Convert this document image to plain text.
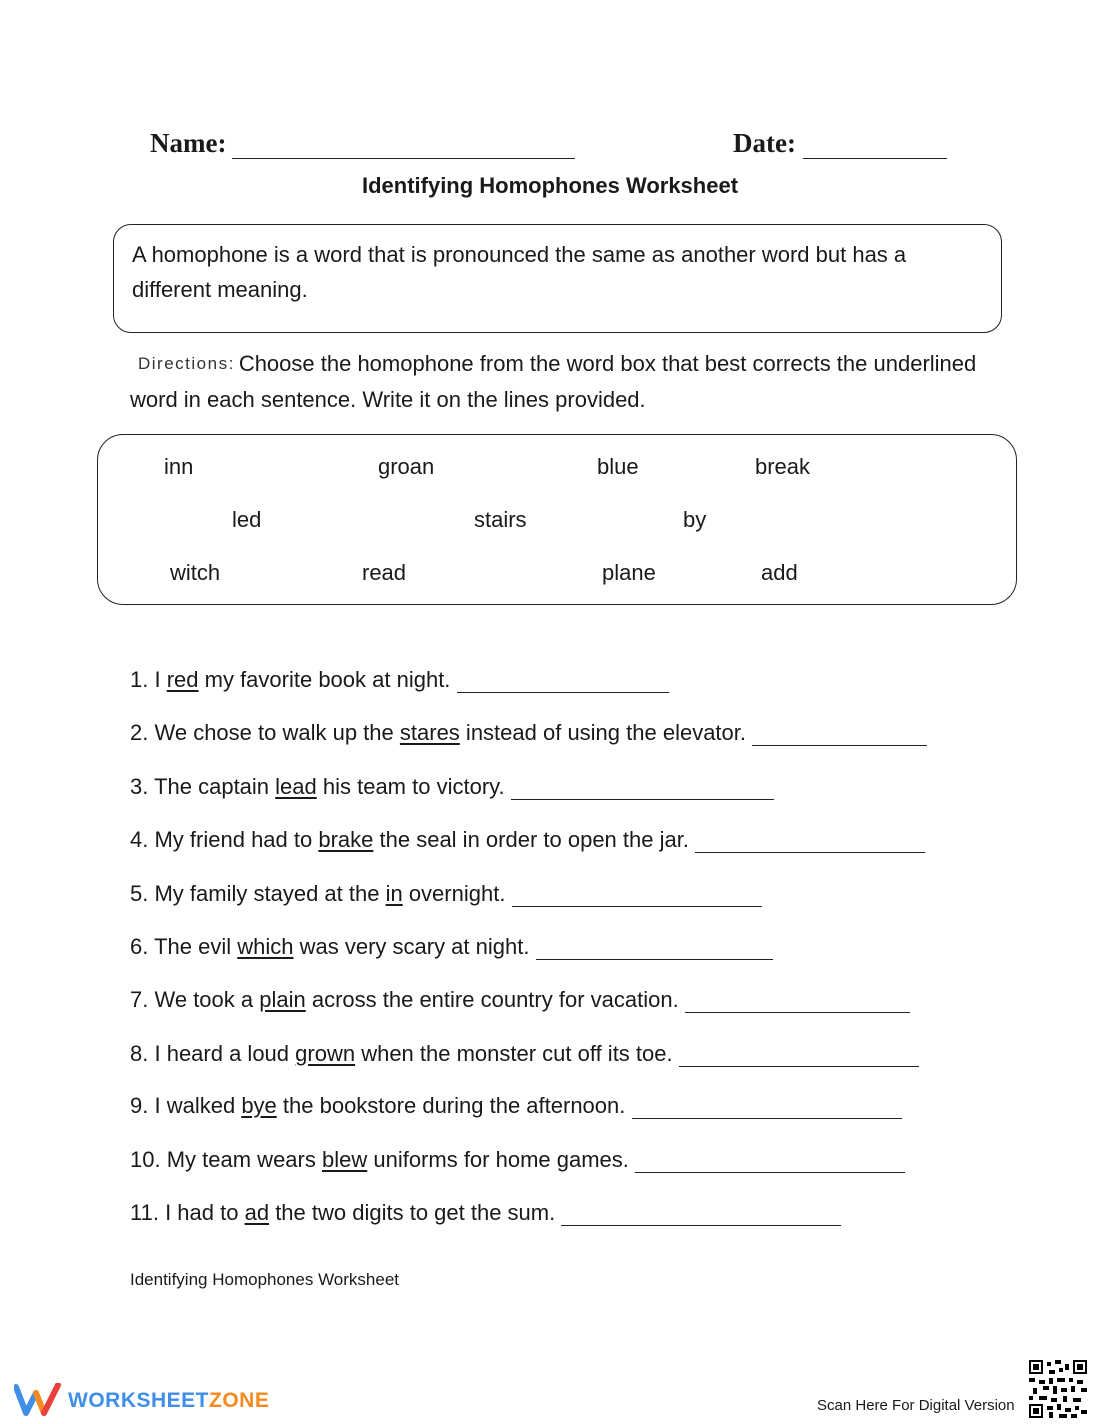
Name:	Date:
Identifying Homophones Worksheet
A homophone is a word that is pronounced the same as another word but has a different meaning.
Directions: Choose the homophone from the word box that best corrects the underlined word in each sentence. Write it on the lines provided.
inn	groan	blue	break
led	stairs	by
witch	read	plane	add
1. I red my favorite book at night.
2. We chose to walk up the stares instead of using the elevator.
3. The captain lead his team to victory.
4. My friend had to brake the seal in order to open the jar.
5. My family stayed at the in overnight.
6. The evil which was very scary at night.
7. We took a plain across the entire country for vacation.
8. I heard a loud grown when the monster cut off its toe.
9. I walked bye the bookstore during the afternoon.
10. My team wears blew uniforms for home games.
11. I had to ad the two digits to get the sum.
Identifying Homophones Worksheet
WORKSHEETZONE	Scan Here For Digital Version
